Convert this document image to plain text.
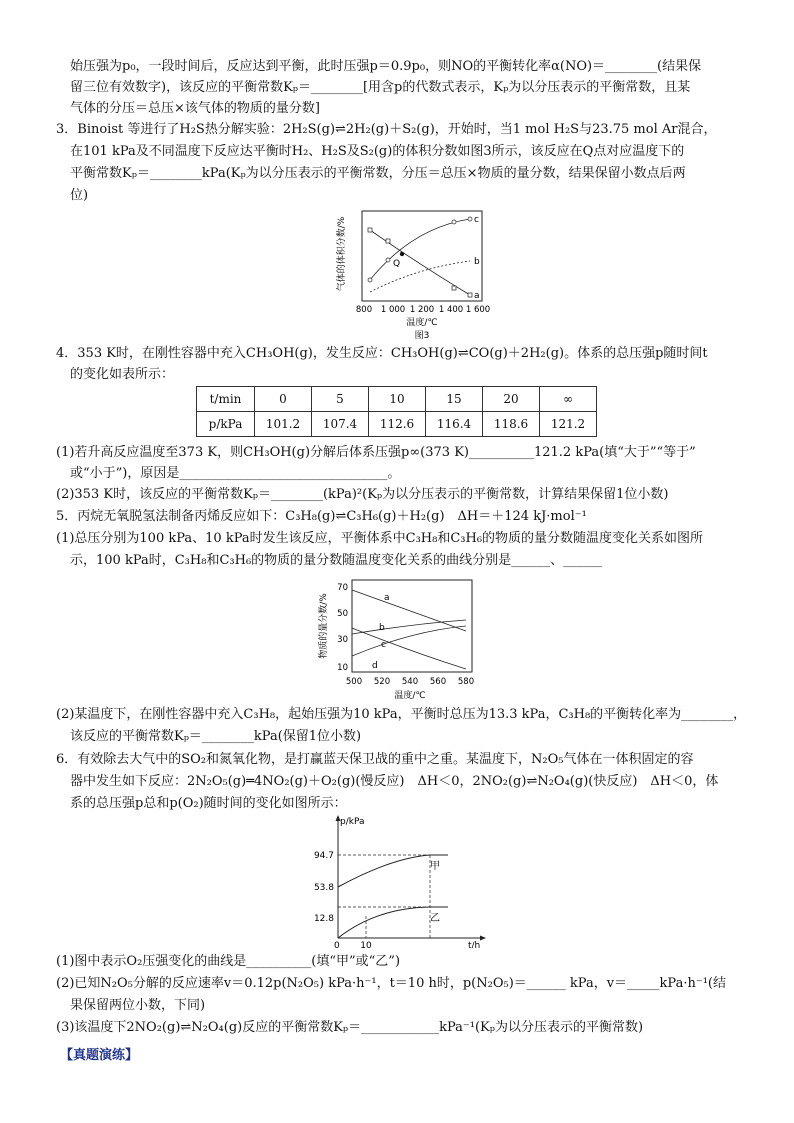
始压强为p₀，一段时间后，反应达到平衡，此时压强p＝0.9p₀，则NO的平衡转化率α(NO)＝________(结果保
留三位有效数字)，该反应的平衡常数Kₚ＝________[用含p的代数式表示，Kₚ为以分压表示的平衡常数，且某
气体的分压＝总压×该气体的物质的量分数]
3．Binoist 等进行了H₂S热分解实验：2H₂S(g)⇌2H₂(g)＋S₂(g)，开始时，当1 mol H₂S与23.75 mol Ar混合，
在101 kPa及不同温度下反应达平衡时H₂、H₂S及S₂(g)的体积分数如图3所示，该反应在Q点对应温度下的
平衡常数Kₚ＝________kPa(Kₚ为以分压表示的平衡常数，分压＝总压×物质的量分数，结果保留小数点后两
位)
气体的体积分数/%	Q
a
b
c
800 1 000 1 200 1 400 1 600
温度/℃
图3
4．353 K时，在刚性容器中充入CH₃OH(g)，发生反应：CH₃OH(g)⇌CO(g)＋2H₂(g)。体系的总压强p随时间t
的变化如表所示：
t/min	0	5	10	15	20	∞
p/kPa	101.2	107.4	112.6	116.4	118.6	121.2
(1)若升高反应温度至373 K，则CH₃OH(g)分解后体系压强p∞(373 K)__________121.2 kPa(填“大于”“等于”
或“小于”)，原因是________________________________。
(2)353 K时，该反应的平衡常数Kₚ＝________(kPa)²(Kₚ为以分压表示的平衡常数，计算结果保留1位小数)
5．丙烷无氧脱氢法制备丙烯反应如下：C₃H₈(g)⇌C₃H₆(g)＋H₂(g)　ΔH＝＋124 kJ·mol⁻¹
(1)总压分别为100 kPa、10 kPa时发生该反应，平衡体系中C₃H₈和C₃H₆的物质的量分数随温度变化关系如图所
示，100 kPa时，C₃H₈和C₃H₆的物质的量分数随温度变化关系的曲线分别是______、______
物质的量分数/%	a
b
c
d
10
30
50
70
500 520 540 560 580
温度/℃
(2)某温度下，在刚性容器中充入C₃H₈，起始压强为10 kPa，平衡时总压为13.3 kPa，C₃H₈的平衡转化率为________，
该反应的平衡常数Kₚ＝________kPa(保留1位小数)
6．有效除去大气中的SO₂和氮氧化物，是打赢蓝天保卫战的重中之重。某温度下，N₂O₅气体在一体积固定的容
器中发生如下反应：2N₂O₅(g)═4NO₂(g)＋O₂(g)(慢反应)　ΔH＜0，2NO₂(g)⇌N₂O₄(g)(快反应)　ΔH＜0，体
系的总压强p总和p(O₂)随时间的变化如图所示：
p/kPa
甲
乙
94.7
53.8
12.8
0 10	t/h
(1)图中表示O₂压强变化的曲线是__________(填“甲”或“乙”)
(2)已知N₂O₅分解的反应速率v＝0.12p(N₂O₅) kPa·h⁻¹，t＝10 h时，p(N₂O₅)＝______ kPa，v＝_____kPa·h⁻¹(结
果保留两位小数，下同)
(3)该温度下2NO₂(g)⇌N₂O₄(g)反应的平衡常数Kₚ＝____________kPa⁻¹(Kₚ为以分压表示的平衡常数)
【真题演练】
